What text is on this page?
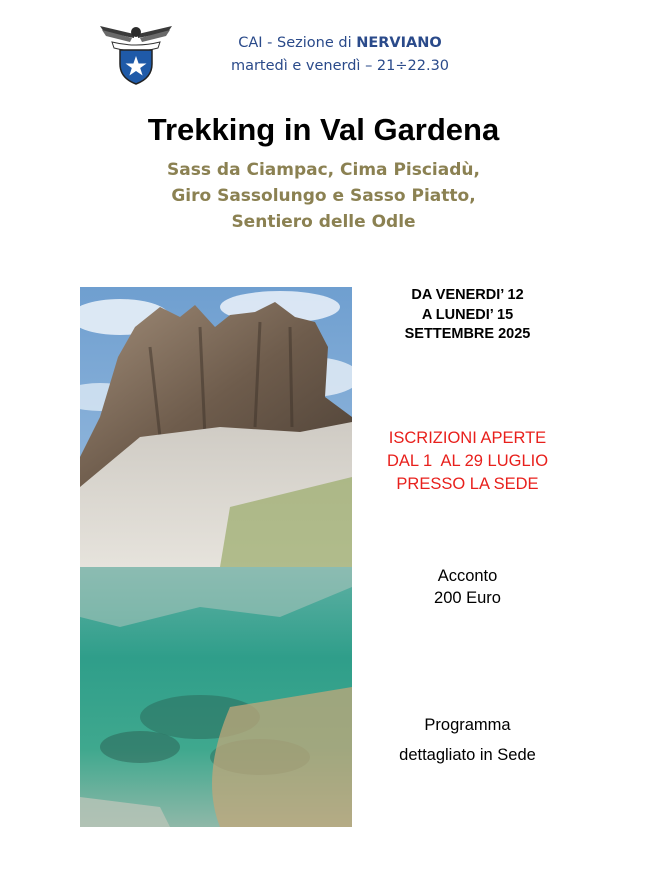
CAI - Sezione di NERVIANO
martedì e venerdì – 21÷22.30
Trekking in Val Gardena
Sass da Ciampac, Cima Pisciadù,
Giro Sassolungo e Sasso Piatto,
Sentiero delle Odle
DA VENERDI’ 12
A LUNEDI’ 15
SETTEMBRE 2025
ISCRIZIONI APERTE
DAL 1  AL 29 LUGLIO
PRESSO LA SEDE
Acconto
200 Euro
Programma
dettagliato in Sede
